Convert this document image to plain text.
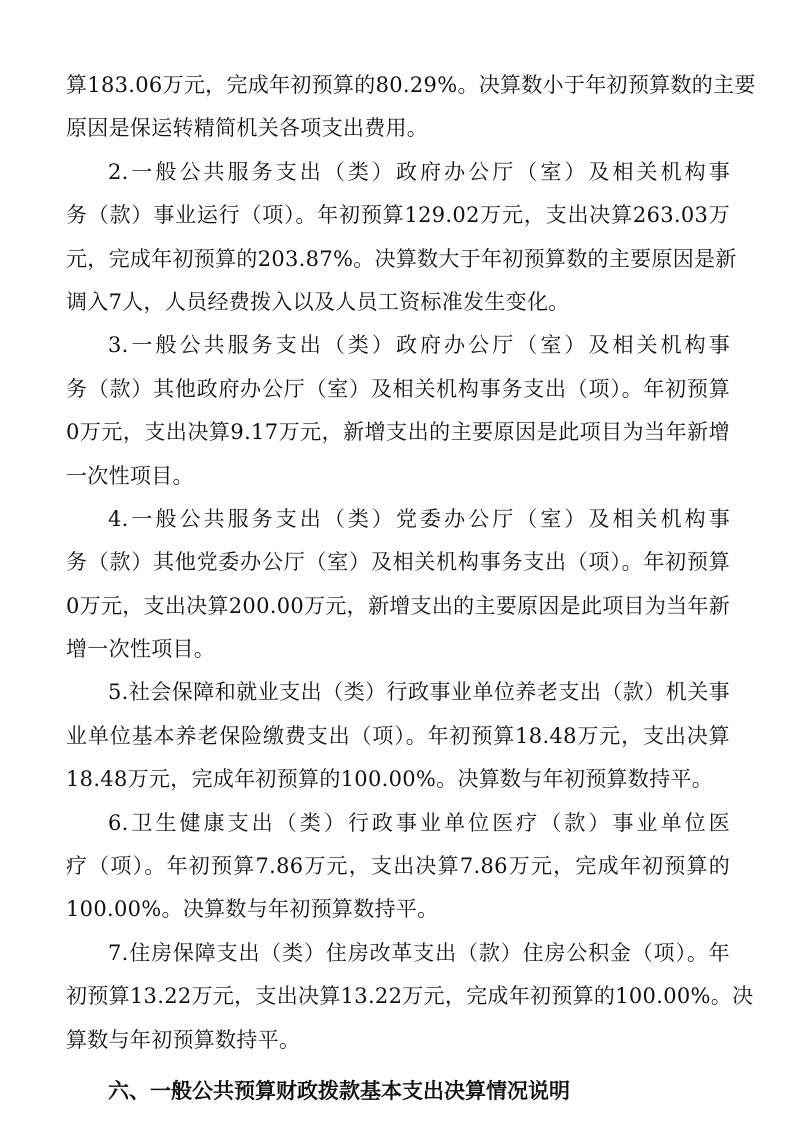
算183.06万元，完成年初预算的80.29%。决算数小于年初预算数的主要
原因是保运转精简机关各项支出费用。
2.一般公共服务支出（类）政府办公厅（室）及相关机构事
务（款）事业运行（项）。年初预算129.02万元，支出决算263.03万
元，完成年初预算的203.87%。决算数大于年初预算数的主要原因是新
调入7人，人员经费拨入以及人员工资标准发生变化。
3.一般公共服务支出（类）政府办公厅（室）及相关机构事
务（款）其他政府办公厅（室）及相关机构事务支出（项）。年初预算
0万元，支出决算9.17万元，新增支出的主要原因是此项目为当年新增
一次性项目。
4.一般公共服务支出（类）党委办公厅（室）及相关机构事
务（款）其他党委办公厅（室）及相关机构事务支出（项）。年初预算
0万元，支出决算200.00万元，新增支出的主要原因是此项目为当年新
增一次性项目。
5.社会保障和就业支出（类）行政事业单位养老支出（款）机关事
业单位基本养老保险缴费支出（项）。年初预算18.48万元，支出决算
18.48万元，完成年初预算的100.00%。决算数与年初预算数持平。
6.卫生健康支出（类）行政事业单位医疗（款）事业单位医
疗（项）。年初预算7.86万元，支出决算7.86万元，完成年初预算的
100.00%。决算数与年初预算数持平。
7.住房保障支出（类）住房改革支出（款）住房公积金（项）。年
初预算13.22万元，支出决算13.22万元，完成年初预算的100.00%。决
算数与年初预算数持平。
六、一般公共预算财政拨款基本支出决算情况说明
